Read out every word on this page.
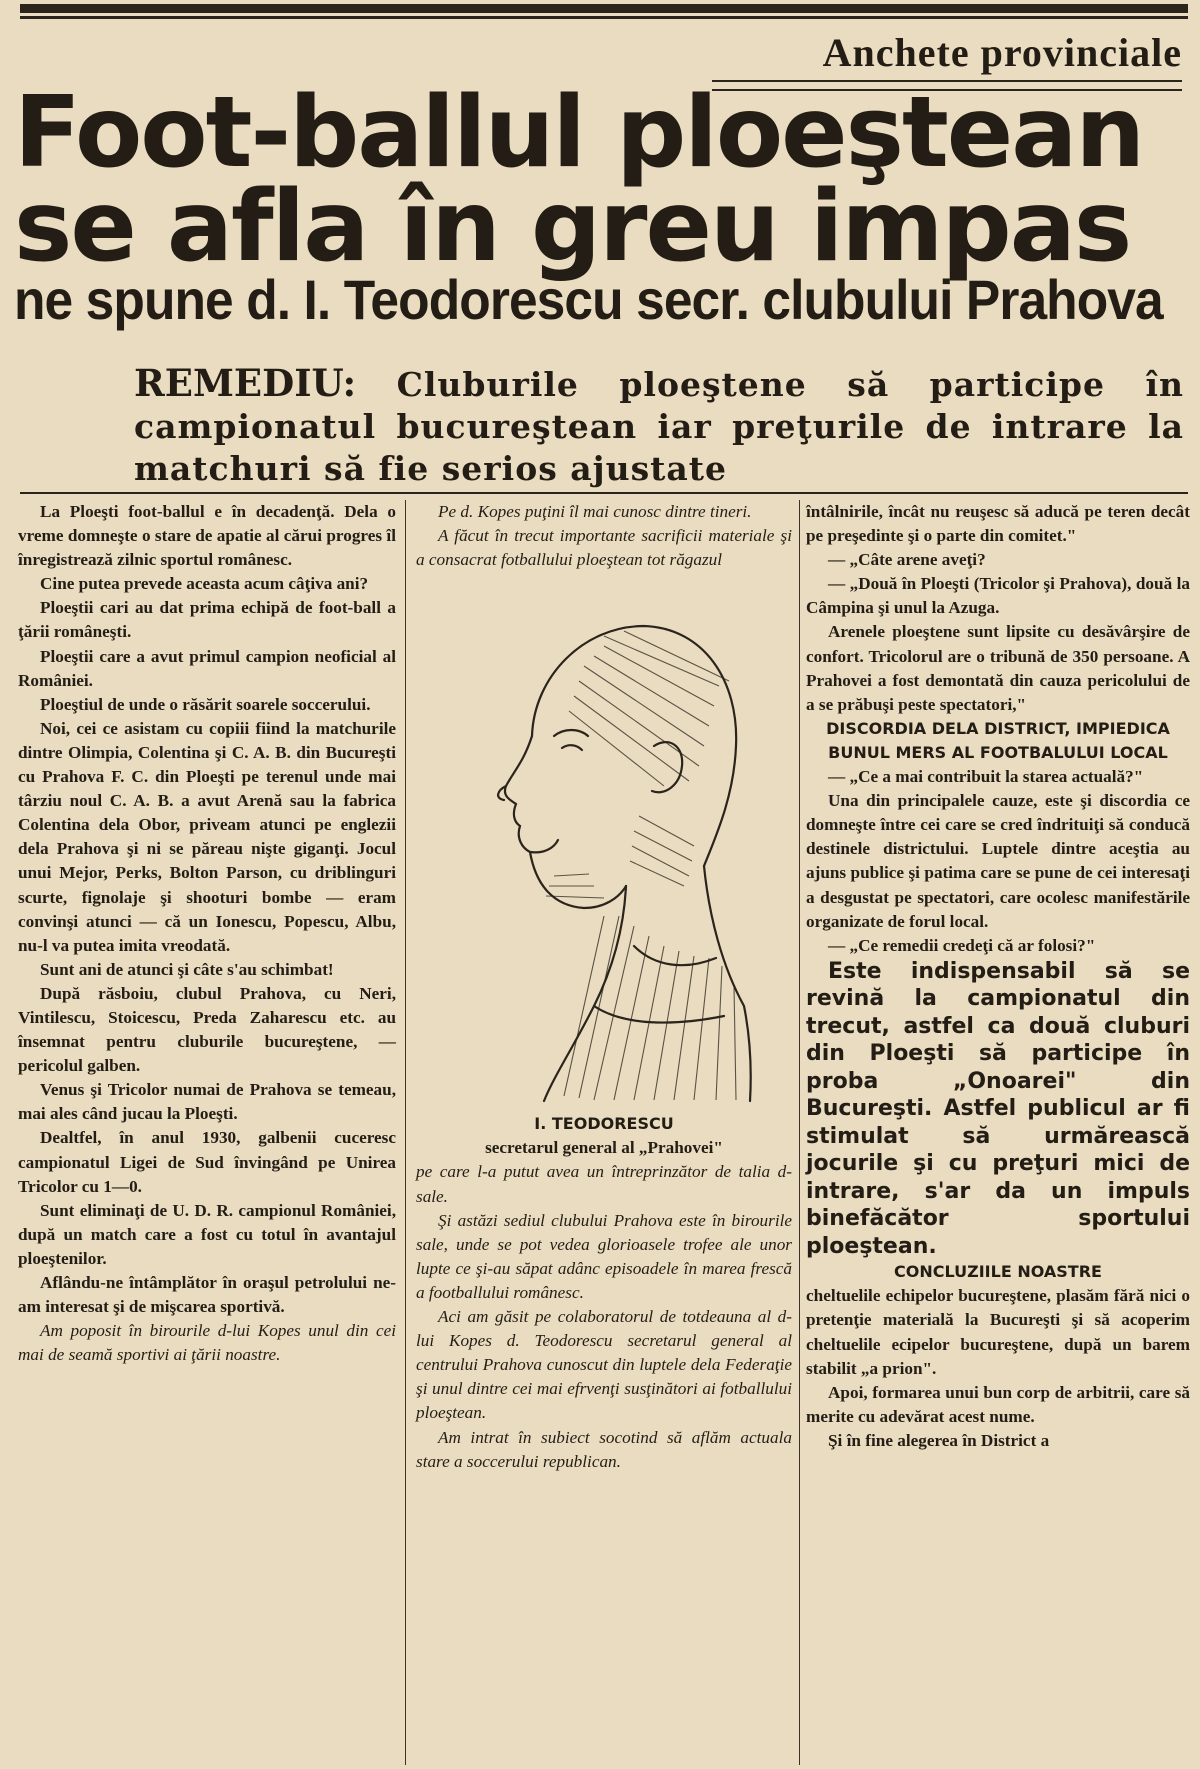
Anchete provinciale
Foot-ballul ploeştean
se afla în greu impas
ne spune d. I. Teodorescu secr. clubului Prahova
REMEDIU: Cluburile ploeştene să participe în campionatul bucureştean iar preţurile de intrare la matchuri să fie serios ajustate

La Ploeşti foot-ballul e în decadenţă. Dela o vreme domneşte o stare de apatie al cărui progres îl înregistrează zilnic sportul românesc.

Cine putea prevede aceasta acum câţiva ani?

Ploeştii cari au dat prima echipă de foot-ball a ţării româneşti.

Ploeştii care a avut primul campion neoficial al României.

Ploeştiul de unde o răsărit soarele soccerului.

Noi, cei ce asistam cu copiii fiind la matchurile dintre Olimpia, Colentina şi C. A. B. din Bucureşti cu Prahova F. C. din Ploeşti pe terenul unde mai târziu noul C. A. B. a avut Arenă sau la fabrica Colentina dela Obor, priveam atunci pe englezii dela Prahova şi ni se păreau nişte giganţi. Jocul unui Mejor, Perks, Bolton Parson, cu driblinguri scurte, fignolaje şi shooturi bombe — eram convinşi atunci — că un Ionescu, Popescu, Albu, nu-l va putea imita vreodată.

Sunt ani de atunci şi câte s'au schimbat!

După răsboiu, clubul Prahova, cu Neri, Vintilescu, Stoicescu, Preda Zaharescu etc. au însemnat pentru cluburile bucureştene, — pericolul galben.

Venus şi Tricolor numai de Prahova se temeau, mai ales când jucau la Ploeşti.

Dealtfel, în anul 1930, galbenii cuceresc campionatul Ligei de Sud învingând pe Unirea Tricolor cu 1—0.

Sunt eliminaţi de U. D. R. campionul României, după un match care a fost cu totul în avantajul ploeştenilor.

Aflându-ne întâmplător în oraşul petrolului ne-am interesat şi de mişcarea sportivă.

Am poposit în birourile d-lui Kopes unul din cei mai de seamă sportivi ai ţării noastre.

Pe d. Kopes puţini îl mai cunosc dintre tineri.

A făcut în trecut importante sacrificii materiale şi a consacrat fotballului ploeştean tot răgazul

I. TEODORESCU

secretarul general al „Prahovei"

pe care l-a putut avea un întreprinzător de talia d-sale.

Şi astăzi sediul clubului Prahova este în birourile sale, unde se pot vedea glorioasele trofee ale unor lupte ce şi-au săpat adânc episoadele în marea frescă a footballului românesc.

Aci am găsit pe colaboratorul de totdeauna al d-lui Kopes d. Teodorescu secretarul general al centrului Prahova cunoscut din luptele dela Federaţie şi unul dintre cei mai efrvenţi susţinători ai fotballului ploeştean.

Am intrat în subiect socotind să aflăm actuala stare a soccerului republican.

întâlnirile, încât nu reuşesc să aducă pe teren decât pe preşedinte şi o parte din comitet."

— „Câte arene aveţi?

— „Două în Ploeşti (Tricolor şi Prahova), două la Câmpina şi unul la Azuga.

Arenele ploeştene sunt lipsite cu desăvârşire de confort. Tricolorul are o tribună de 350 persoane. A Prahovei a fost demontată din cauza pericolului de a se prăbuşi peste spectatori,"

DISCORDIA DELA DISTRICT, IMPIEDICA BUNUL MERS AL FOOTBALULUI LOCAL

— „Ce a mai contribuit la starea actuală?"

Una din principalele cauze, este şi discordia ce domneşte între cei care se cred îndrituiţi să conducă destinele districtului. Luptele dintre aceştia au ajuns publice şi patima care se pune de cei interesaţi a desgustat pe spectatori, care ocolesc manifestările organizate de forul local.

— „Ce remedii credeţi că ar folosi?"

Este indispensabil să se revină la campionatul din trecut, astfel ca două cluburi din Ploeşti să participe în proba „Onoarei" din Bucureşti. Astfel publicul ar fi stimulat să urmărească jocurile şi cu preţuri mici de intrare, s'ar da un impuls binefăcător sportului ploeştean.

CONCLUZIILE NOASTRE

cheltuelile echipelor bucureştene, plasăm fără nici o pretenţie materială la Bucureşti şi să acoperim cheltuelile ecipelor bucureştene, după un barem stabilit „a prion".

Apoi, formarea unui bun corp de arbitrii, care să merite cu adevărat acest nume.

Şi în fine alegerea în District a
